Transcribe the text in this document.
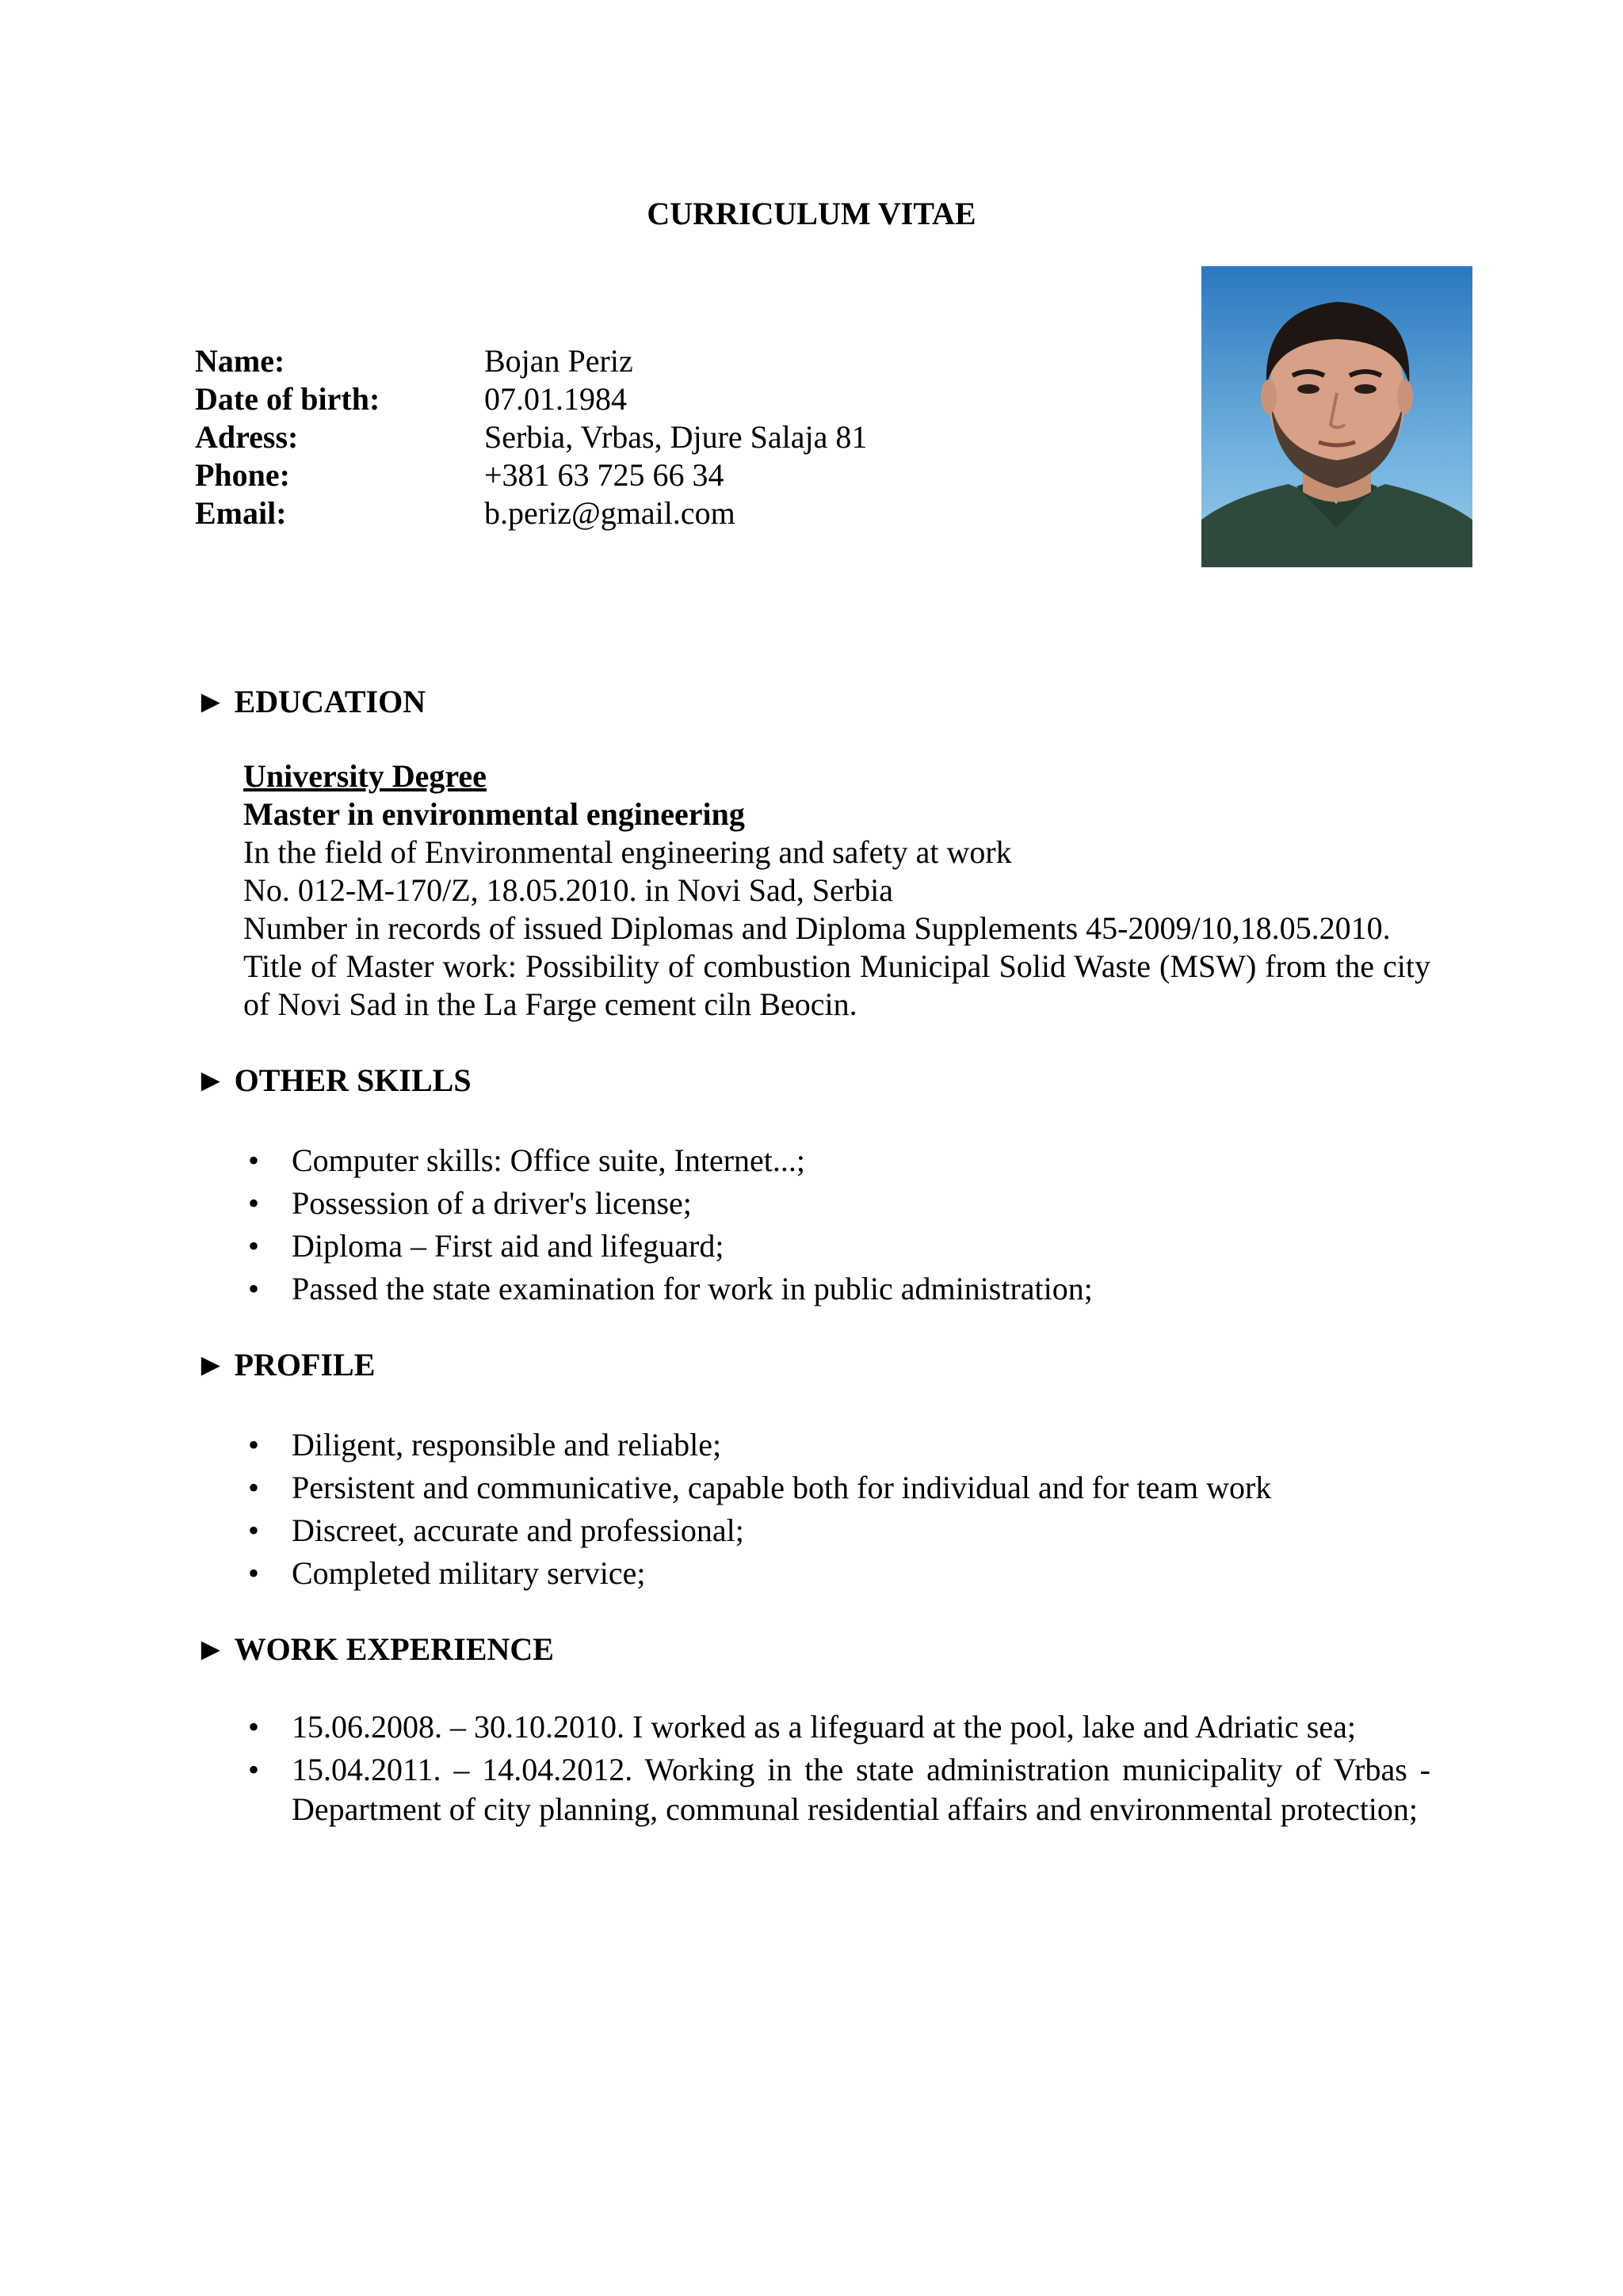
CURRICULUM VITAE
Name:	Bojan Periz
Date of birth:	07.01.1984
Adress:	Serbia, Vrbas, Djure Salaja 81
Phone:	+381 63 725 66 34
Email:	b.periz@gmail.com
► EDUCATION

University Degree

Master in environmental engineering

In the field of Environmental engineering and safety at work

No. 012-M-170/Z, 18.05.2010. in Novi Sad, Serbia

Number in records of issued Diplomas and Diploma Supplements 45-2009/10,18.05.2010.

Title of Master work: Possibility of combustion Municipal Solid Waste (MSW) from the city of Novi Sad in the La Farge cement ciln Beocin.

► OTHER SKILLS
• Computer skills: Office suite, Internet...;
• Possession of a driver's license;
• Diploma – First aid and lifeguard;
• Passed the state examination for work in public administration;
► PROFILE
• Diligent, responsible and reliable;
• Persistent and communicative, capable both for individual and for team work
• Discreet, accurate and professional;
• Completed military service;
► WORK EXPERIENCE
• 15.06.2008. – 30.10.2010. I worked as a lifeguard at the pool, lake and Adriatic sea;
• 15.04.2011. – 14.04.2012. Working in the state administration municipality of Vrbas - Department of city planning, communal residential affairs and environmental protection;
